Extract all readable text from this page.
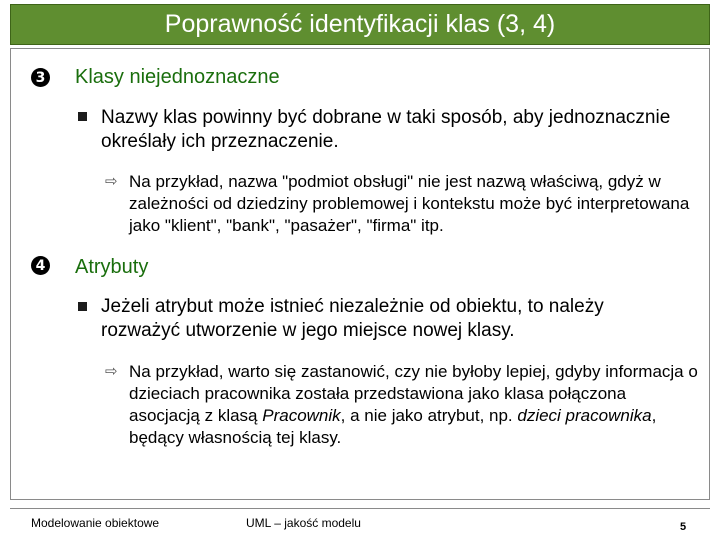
Poprawność identyfikacji klas (3, 4)
3 Klasy niejednoznaczne
Nazwy klas powinny być dobrane w taki sposób, aby jednoznacznie określały ich przeznaczenie.
⇨ Na przykład, nazwa "podmiot obsługi" nie jest nazwą właściwą, gdyż w zależności od dziedziny problemowej i kontekstu może być interpretowana jako "klient", "bank", "pasażer", "firma" itp.
4 Atrybuty
Jeżeli atrybut może istnieć niezależnie od obiektu, to należy rozważyć utworzenie w jego miejsce nowej klasy.
⇨ Na przykład, warto się zastanowić, czy nie byłoby lepiej, gdyby informacja o dzieciach pracownika została przedstawiona jako klasa połączona asocjacją z klasą Pracownik, a nie jako atrybut, np. dzieci pracownika, będący własnością tej klasy.
Modelowanie obiektowe	UML – jakość modelu	5
